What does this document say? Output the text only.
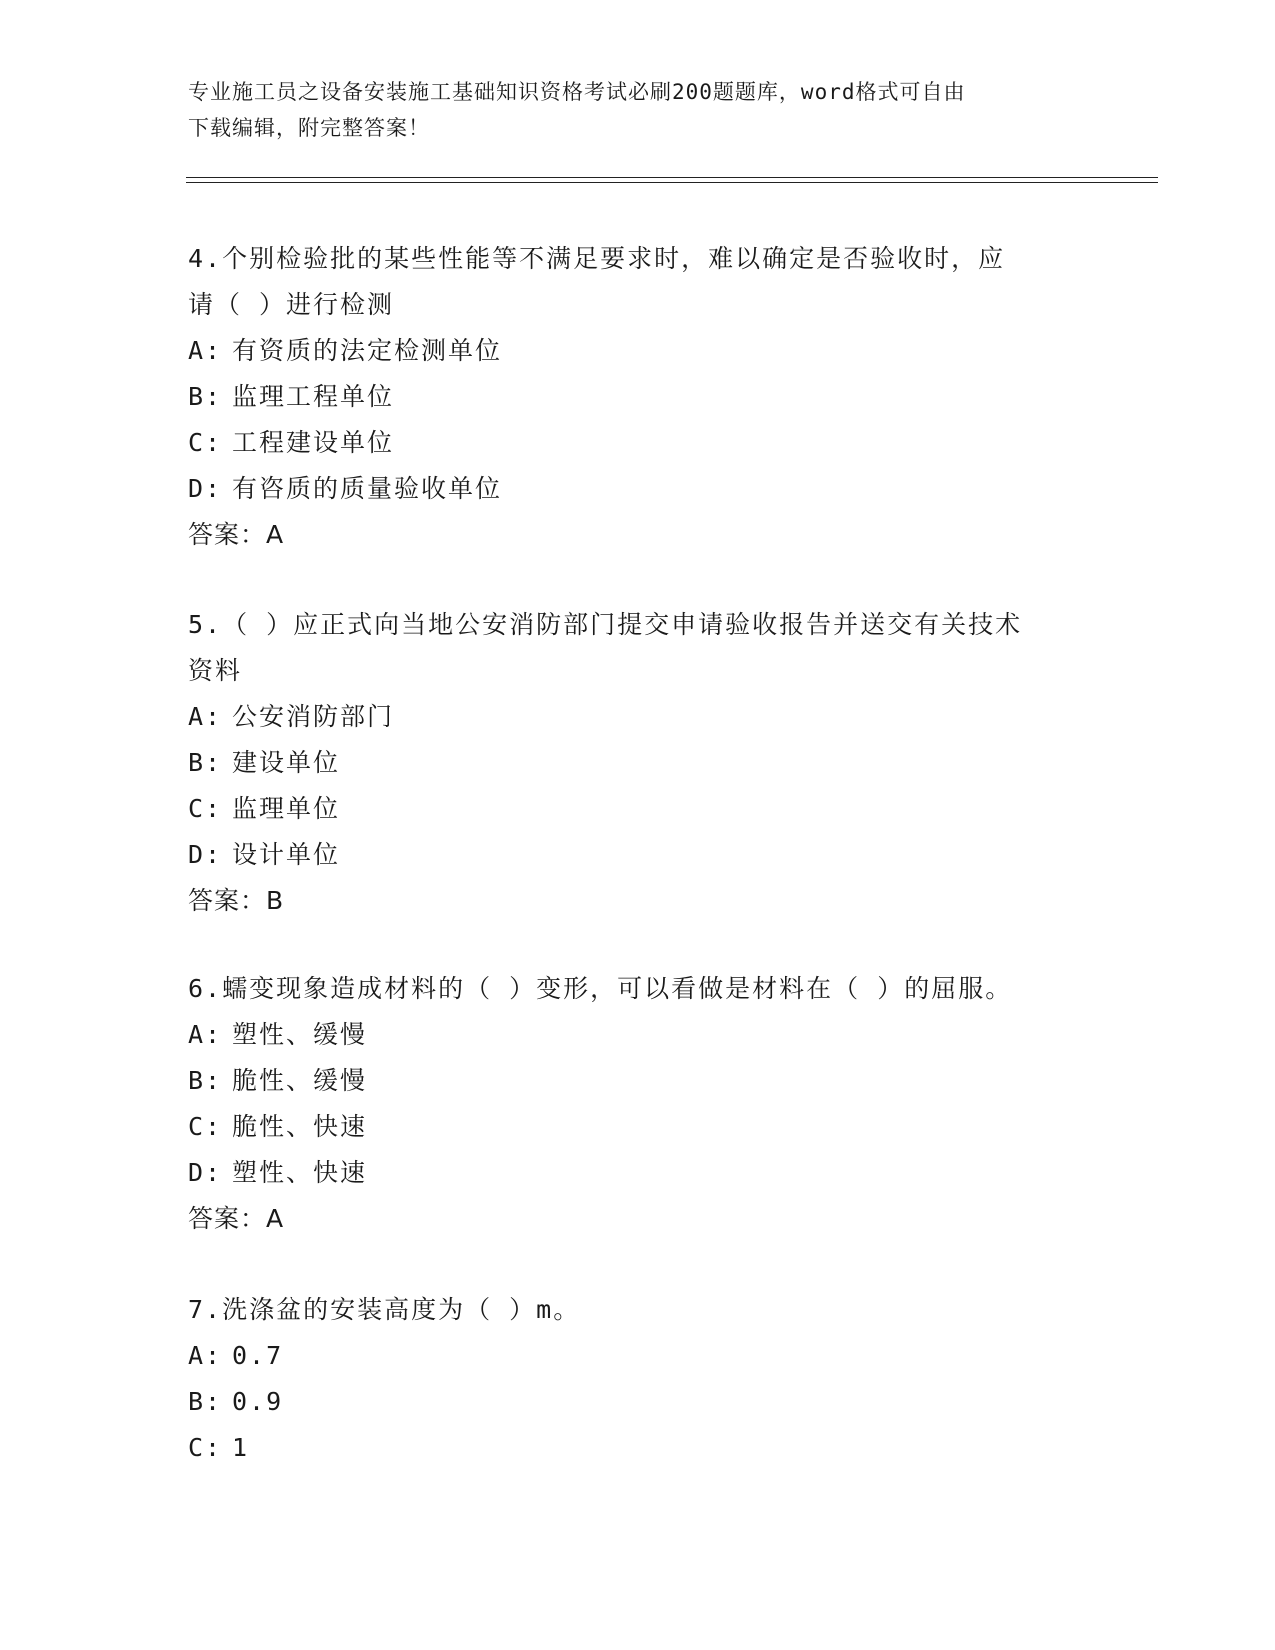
专业施工员之设备安装施工基础知识资格考试必刷200题题库，word格式可自由
下载编辑，附完整答案！
4.个别检验批的某些性能等不满足要求时，难以确定是否验收时，应
请（ ）进行检测
A: 有资质的法定检测单位
B: 监理工程单位
C: 工程建设单位
D: 有咨质的质量验收单位
答案：A
5.（ ）应正式向当地公安消防部门提交申请验收报告并送交有关技术
资料
A: 公安消防部门
B: 建设单位
C: 监理单位
D: 设计单位
答案：B
6.蠕变现象造成材料的（ ）变形，可以看做是材料在（ ）的屈服。
A: 塑性、缓慢
B: 脆性、缓慢
C: 脆性、快速
D: 塑性、快速
答案：A
7.洗涤盆的安装高度为（ ）m。
A: 0.7
B: 0.9
C: 1
